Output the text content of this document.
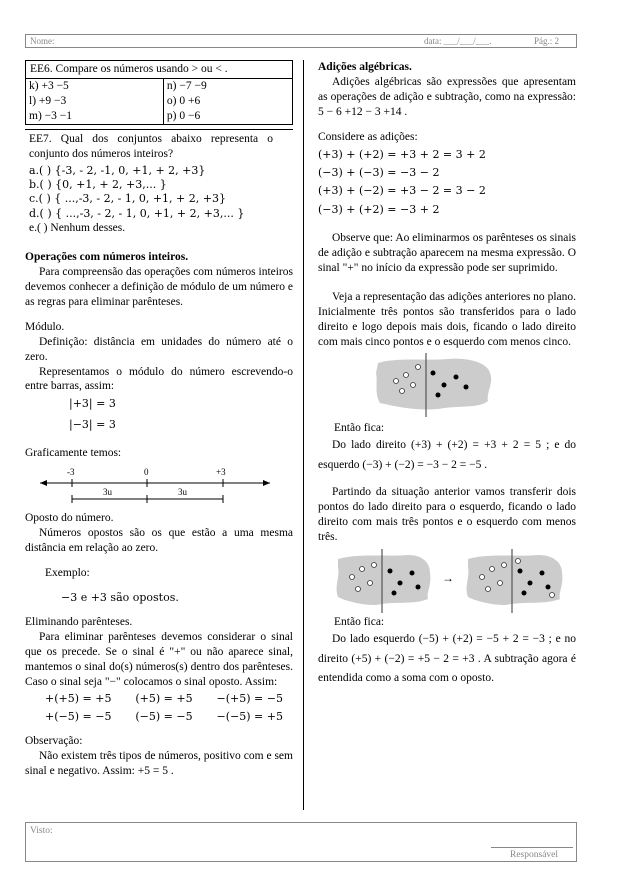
Nome:	data: ___/___/___.	Pág.: 2
EE6. Compare os números usando > ou < .
k) +3 −5	n) −7 −9
l) +9 −3	o) 0 +6
m) −3 −1	p) 0 −6

EE7. Qual dos conjuntos abaixo representa o conjunto dos números inteiros?

a.( ) {-3, - 2, -1, 0, +1, + 2, +3}
b.( ) {0, +1, + 2, +3,... }
c.( ) { ...,-3, - 2, - 1, 0, +1, + 2, +3}
d.( ) { ...,-3, - 2, - 1, 0, +1, + 2, +3,... }
e.( ) Nenhum desses.
Operações com números inteiros.

Para compreensão das operações com números inteiros devemos conhecer a definição de módulo de um número e as regras para eliminar parênteses.

Módulo.

Definição: distância em unidades do número até o zero.

Representamos o módulo do número escrevendo-o entre barras, assim:

|+3| = 3
|−3| = 3
Graficamente temos:
-3	0	+3
3u	3u
Oposto do número.

Números opostos são os que estão a uma mesma distância em relação ao zero.

Exemplo:
−3 e +3 são opostos.
Eliminando parênteses.

Para eliminar parênteses devemos considerar o sinal que os precede. Se o sinal é "+" ou não aparece sinal, mantemos o sinal do(s) números(s) dentro dos parênteses. Caso o sinal seja "−" colocamos o sinal oposto. Assim:

+(+5) = +5 (+5) = +5 −(+5) = −5
+(−5) = −5 (−5) = −5 −(−5) = +5
Observação:

Não existem três tipos de números, positivo com e sem sinal e negativo. Assim: +5 = 5 .

Adições algébricas.

Adições algébricas são expressões que apresentam as operações de adição e subtração, como na expressão: 5 − 6 +12 − 3 +14 .

Considere as adições:
(+3) + (+2) = +3 + 2 = 3 + 2
(−3) + (−3) = −3 − 2
(+3) + (−2) = +3 − 2 = 3 − 2
(−3) + (+2) = −3 + 2

Observe que: Ao eliminarmos os parênteses os sinais de adição e subtração aparecem na mesma expressão. O sinal "+" no início da expressão pode ser suprimido.

Veja a representação das adições anteriores no plano. Inicialmente três pontos são transferidos para o lado direito e logo depois mais dois, ficando o lado direito com mais cinco pontos e o esquerdo com menos cinco.

Então fica:

Do lado direito (+3) + (+2) = +3 + 2 = 5 ; e do esquerdo (−3) + (−2) = −3 − 2 = −5 .

Partindo da situação anterior vamos transferir dois pontos do lado direito para o esquerdo, ficando o lado direito com mais três pontos e o esquerdo com menos três.

→
Então fica:

Do lado esquerdo (−5) + (+2) = −5 + 2 = −3 ; e no direito (+5) + (−2) = +5 − 2 = +3 . A subtração agora é entendida como a soma com o oposto.

Visto:
Responsável
